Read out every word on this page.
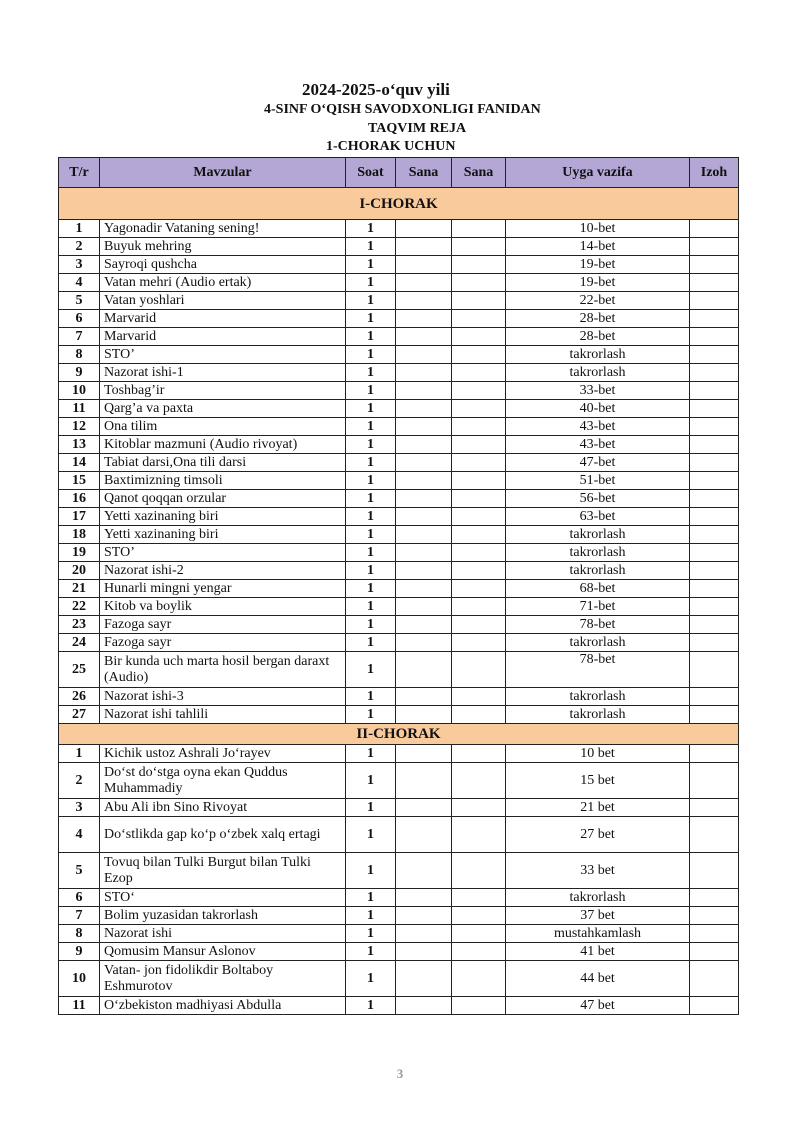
2024-2025-o‘quv yili
4-SINF O‘QISH SAVODXONLIGI FANIDAN
TAQVIM REJA
1-CHORAK UCHUN
T/r	Mavzular	Soat	Sana	Sana	Uyga vazifa	Izoh
I-CHORAK						
1	Yagonadir Vataning sening!	1			10-bet	
2	Buyuk mehring	1			14-bet	
3	Sayroqi qushcha	1			19-bet	
4	Vatan mehri (Audio ertak)	1			19-bet	
5	Vatan yoshlari	1			22-bet	
6	Marvarid	1			28-bet	
7	Marvarid	1			28-bet	
8	STO’	1			takrorlash	
9	Nazorat ishi-1	1			takrorlash	
10	Toshbag’ir	1			33-bet	
11	Qarg’a va paxta	1			40-bet	
12	Ona tilim	1			43-bet	
13	Kitoblar mazmuni (Audio rivoyat)	1			43-bet	
14	Tabiat darsi,Ona tili darsi	1			47-bet	
15	Baxtimizning timsoli	1			51-bet	
16	Qanot qoqqan orzular	1			56-bet	
17	Yetti xazinaning biri	1			63-bet	
18	Yetti xazinaning biri	1			takrorlash	
19	STO’	1			takrorlash	
20	Nazorat ishi-2	1			takrorlash	
21	Hunarli mingni yengar	1			68-bet	
22	Kitob va boylik	1			71-bet	
23	Fazoga sayr	1			78-bet	
24	Fazoga sayr	1			takrorlash	
25	Bir kunda uch marta hosil bergan daraxt (Audio)	1			78-bet	
26	Nazorat ishi-3	1			takrorlash	
27	Nazorat ishi tahlili	1			takrorlash	
II-CHORAK						
1	Kichik ustoz Ashrali Jo‘rayev	1			10 bet	
2	Do‘st do‘stga oyna ekan Quddus Muhammadiy	1			15 bet	
3	Abu Ali ibn Sino Rivoyat	1			21 bet	
4	Do‘stlikda gap ko‘p o‘zbek xalq ertagi	1			27 bet	
5	Tovuq bilan Tulki Burgut bilan Tulki Ezop	1			33 bet	
6	STO‘	1			takrorlash	
7	Bolim yuzasidan takrorlash	1			37 bet	
8	Nazorat ishi	1			mustahkamlash	
9	Qomusim Mansur Aslonov	1			41 bet	
10	Vatan- jon fidolikdir Boltaboy Eshmurotov	1			44 bet	
11	O‘zbekiston madhiyasi Abdulla	1			47 bet	
3
